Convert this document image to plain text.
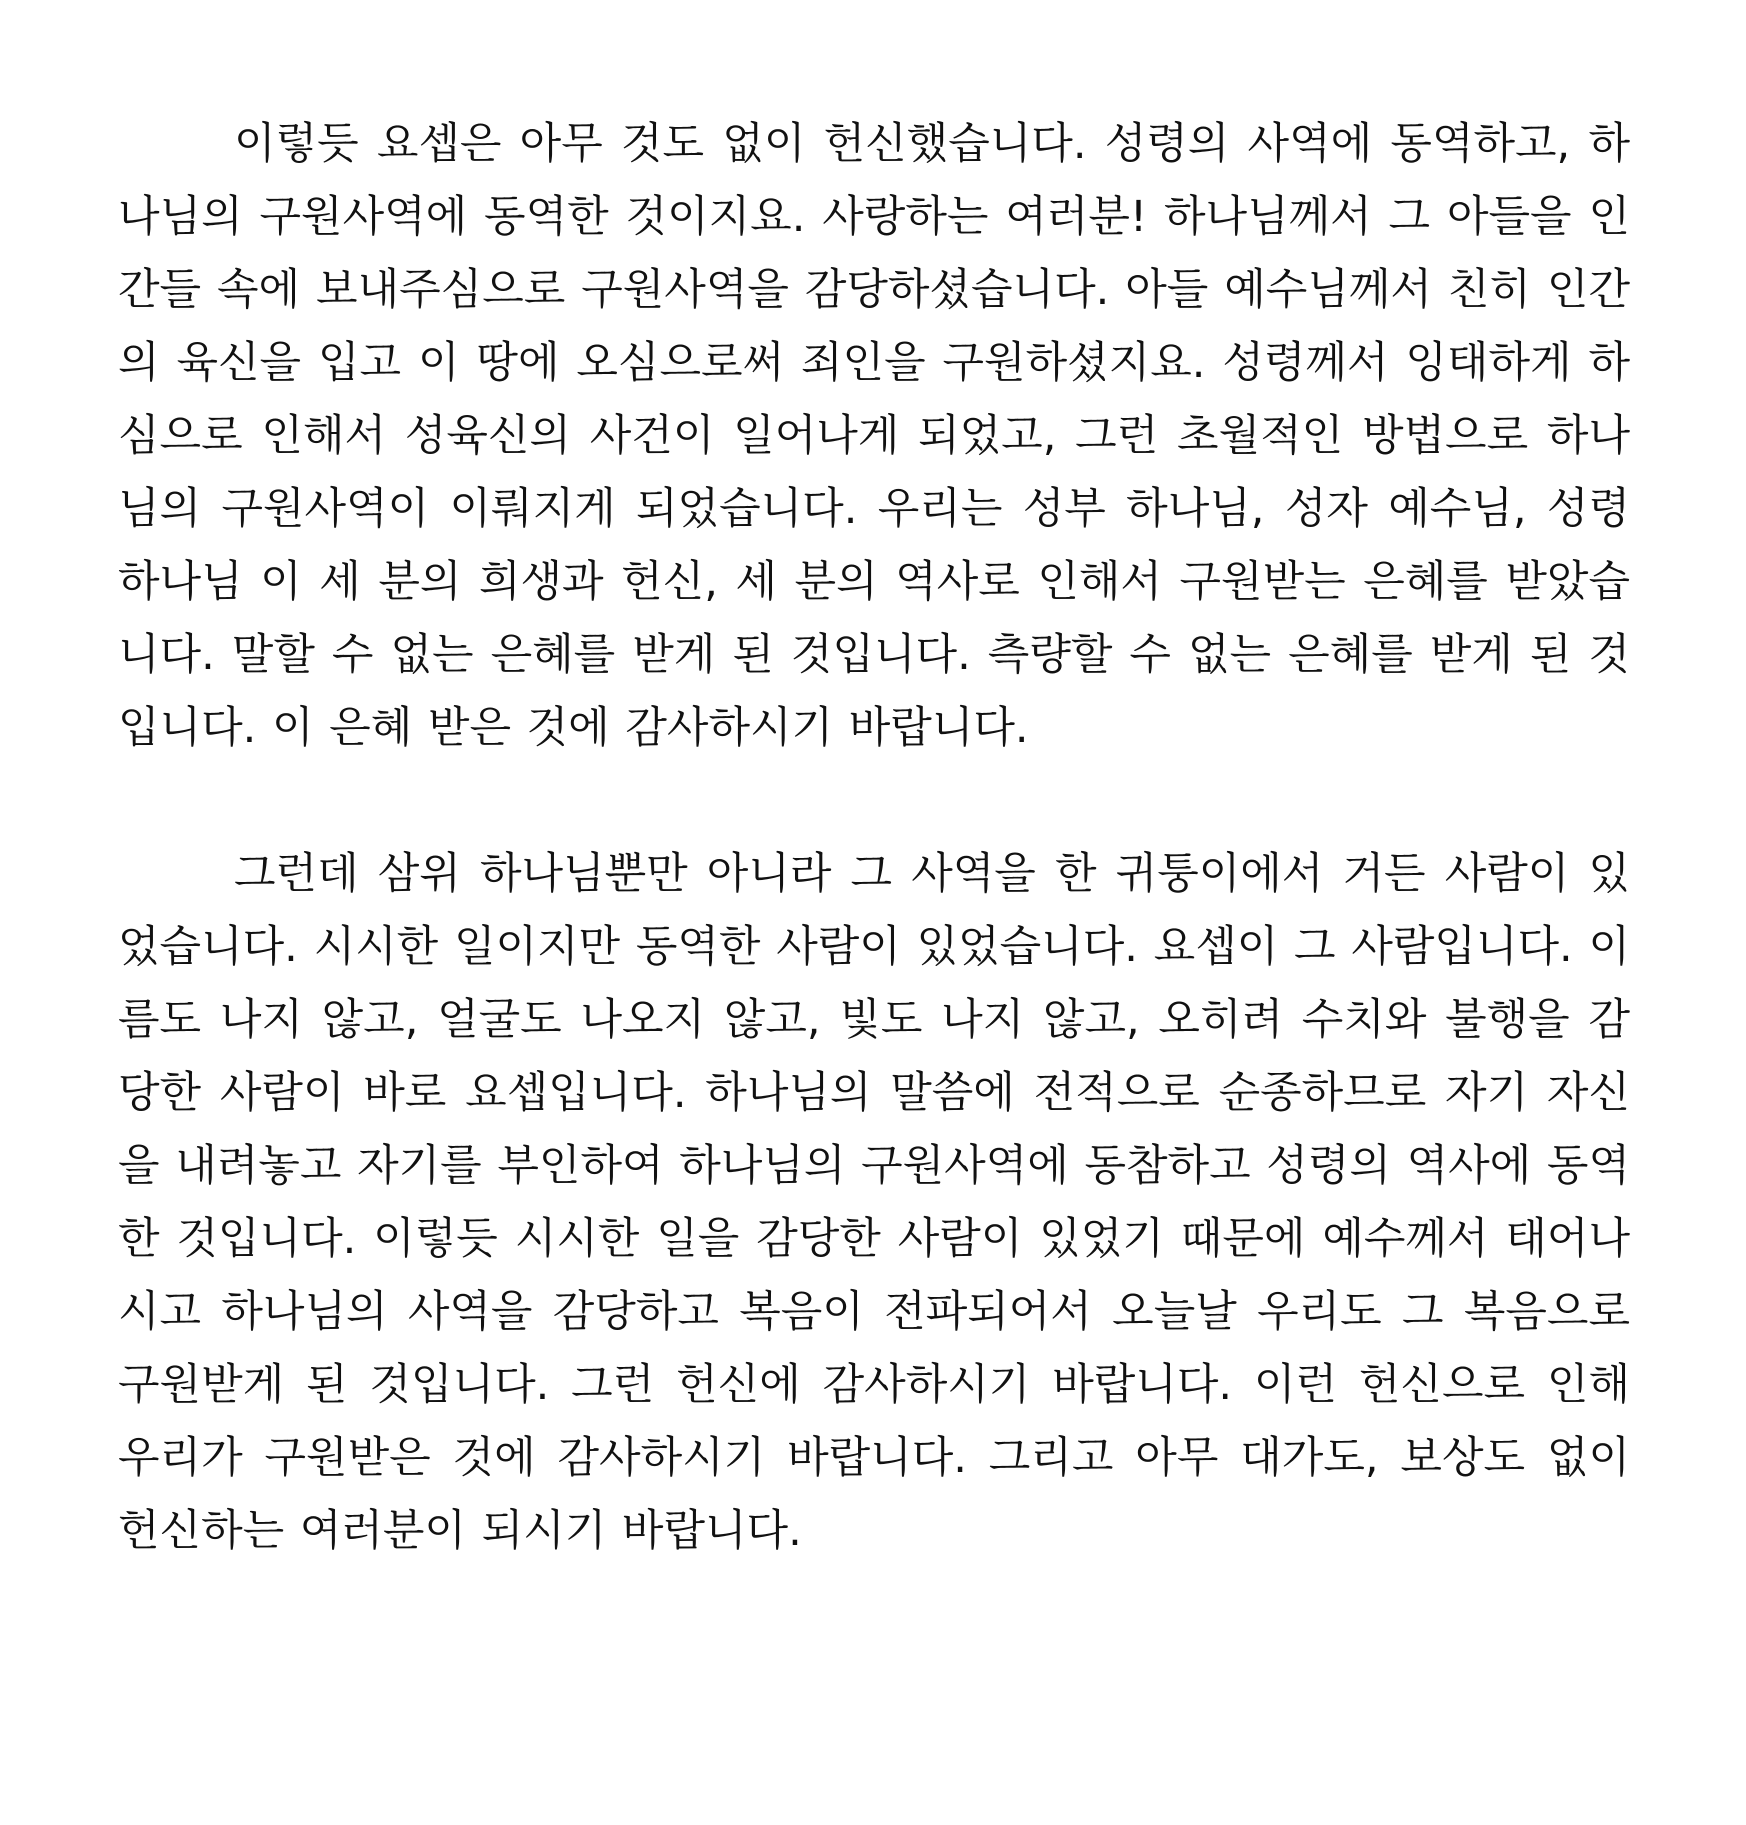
이렇듯 요셉은 아무 것도 없이 헌신했습니다. 성령의 사역에 동역하고, 하나님의 구원사역에 동역한 것이지요. 사랑하는 여러분! 하나님께서 그 아들을 인간들 속에 보내주심으로 구원사역을 감당하셨습니다. 아들 예수님께서 친히 인간의 육신을 입고 이 땅에 오심으로써 죄인을 구원하셨지요. 성령께서 잉태하게 하심으로 인해서 성육신의 사건이 일어나게 되었고, 그런 초월적인 방법으로 하나님의 구원사역이 이뤄지게 되었습니다. 우리는 성부 하나님, 성자 예수님, 성령 하나님 이 세 분의 희생과 헌신, 세 분의 역사로 인해서 구원받는 은혜를 받았습니다. 말할 수 없는 은혜를 받게 된 것입니다. 측량할 수 없는 은혜를 받게 된 것입니다. 이 은혜 받은 것에 감사하시기 바랍니다.

그런데 삼위 하나님뿐만 아니라 그 사역을 한 귀퉁이에서 거든 사람이 있었습니다. 시시한 일이지만 동역한 사람이 있었습니다. 요셉이 그 사람입니다. 이름도 나지 않고, 얼굴도 나오지 않고, 빛도 나지 않고, 오히려 수치와 불행을 감당한 사람이 바로 요셉입니다. 하나님의 말씀에 전적으로 순종하므로 자기 자신을 내려놓고 자기를 부인하여 하나님의 구원사역에 동참하고 성령의 역사에 동역한 것입니다. 이렇듯 시시한 일을 감당한 사람이 있었기 때문에 예수께서 태어나시고 하나님의 사역을 감당하고 복음이 전파되어서 오늘날 우리도 그 복음으로 구원받게 된 것입니다. 그런 헌신에 감사하시기 바랍니다. 이런 헌신으로 인해 우리가 구원받은 것에 감사하시기 바랍니다. 그리고 아무 대가도, 보상도 없이 헌신하는 여러분이 되시기 바랍니다.
